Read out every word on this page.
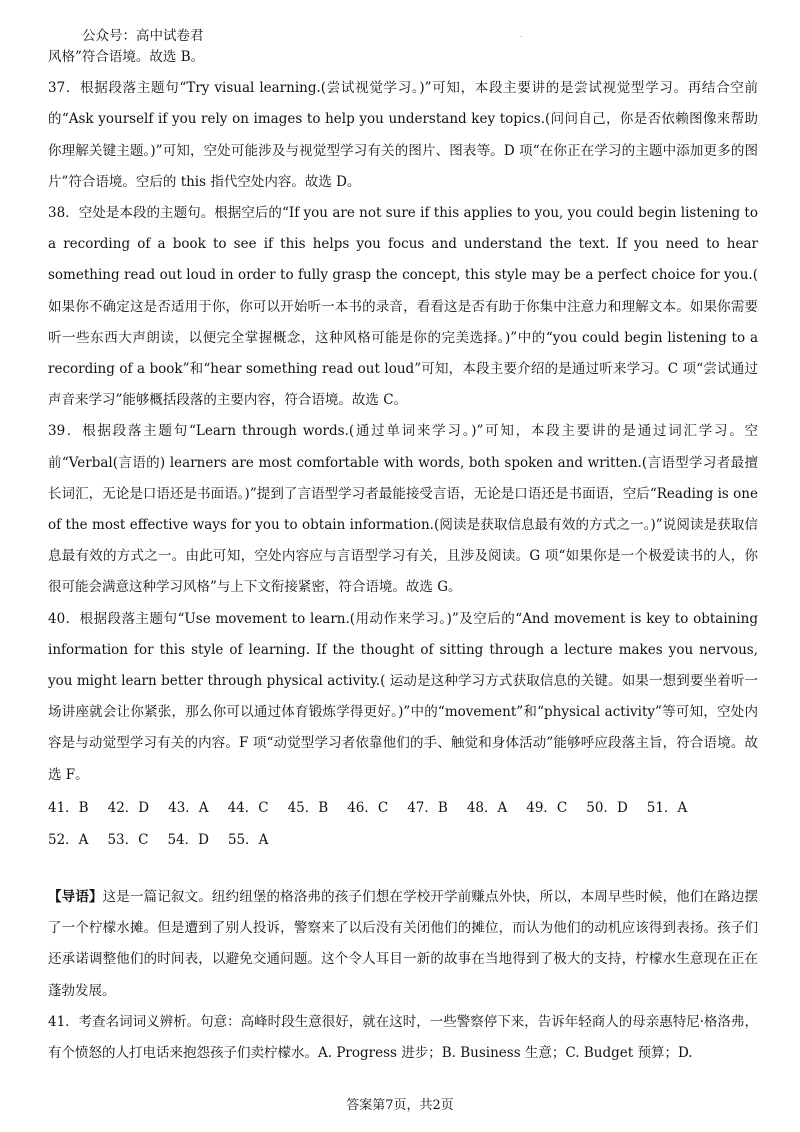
公众号：高中试卷君	.

风格”符合语境。故选 B。

37．根据段落主题句“Try visual learning.(尝试视觉学习。)”可知，本段主要讲的是尝试视觉型学习。再结合空前的“Ask yourself if you rely on images to help you understand key topics.(问问自己，你是否依赖图像来帮助你理解关键主题。)”可知，空处可能涉及与视觉型学习有关的图片、图表等。D 项“在你正在学习的主题中添加更多的图片”符合语境。空后的 this 指代空处内容。故选 D。

38．空处是本段的主题句。根据空后的“If you are not sure if this applies to you, you could begin listening to a recording of a book to see if this helps you focus and understand the text. If you need to hear something read out loud in order to fully grasp the concept, this style may be a perfect choice for you.( 如果你不确定这是否适用于你，你可以开始听一本书的录音，看看这是否有助于你集中注意力和理解文本。如果你需要听一些东西大声朗读，以便完全掌握概念，这种风格可能是你的完美选择。)”中的“you could begin listening to a recording of a book”和“hear something read out loud”可知，本段主要介绍的是通过听来学习。C 项“尝试通过声音来学习”能够概括段落的主要内容，符合语境。故选 C。

39．根据段落主题句“Learn through words.(通过单词来学习。)”可知，本段主要讲的是通过词汇学习。空前“Verbal(言语的) learners are most comfortable with words, both spoken and written.(言语型学习者最擅长词汇，无论是口语还是书面语。)”提到了言语型学习者最能接受言语，无论是口语还是书面语，空后“Reading is one of the most effective ways for you to obtain information.(阅读是获取信息最有效的方式之一。)”说阅读是获取信息最有效的方式之一。由此可知，空处内容应与言语型学习有关，且涉及阅读。G 项“如果你是一个极爱读书的人，你很可能会满意这种学习风格”与上下文衔接紧密，符合语境。故选 G。

40．根据段落主题句“Use movement to learn.(用动作来学习。)”及空后的“And movement is key to obtaining information for this style of learning. If the thought of sitting through a lecture makes you nervous, you might learn better through physical activity.( 运动是这种学习方式获取信息的关键。如果一想到要坐着听一场讲座就会让你紧张，那么你可以通过体育锻炼学得更好。)”中的“movement”和“physical activity”等可知，空处内容是与动觉型学习有关的内容。F 项“动觉型学习者依靠他们的手、触觉和身体活动”能够呼应段落主旨，符合语境。故选 F。

41．B 42．D 43．A 44．C 45．B 46．C 47．B 48．A 49．C 50．D 51．A
52．A 53．C 54．D 55．A

【导语】这是一篇记叙文。纽约纽堡的格洛弗的孩子们想在学校开学前赚点外快，所以，本周早些时候，他们在路边摆了一个柠檬水摊。但是遭到了别人投诉，警察来了以后没有关闭他们的摊位，而认为他们的动机应该得到表扬。孩子们还承诺调整他们的时间表，以避免交通问题。这个令人耳目一新的故事在当地得到了极大的支持，柠檬水生意现在正在蓬勃发展。

41．考查名词词义辨析。句意：高峰时段生意很好，就在这时，一些警察停下来，告诉年轻商人的母亲惠特尼·格洛弗，有个愤怒的人打电话来抱怨孩子们卖柠檬水。A. Progress 进步；B. Business 生意；C. Budget 预算；D.

答案第7页，共2页
